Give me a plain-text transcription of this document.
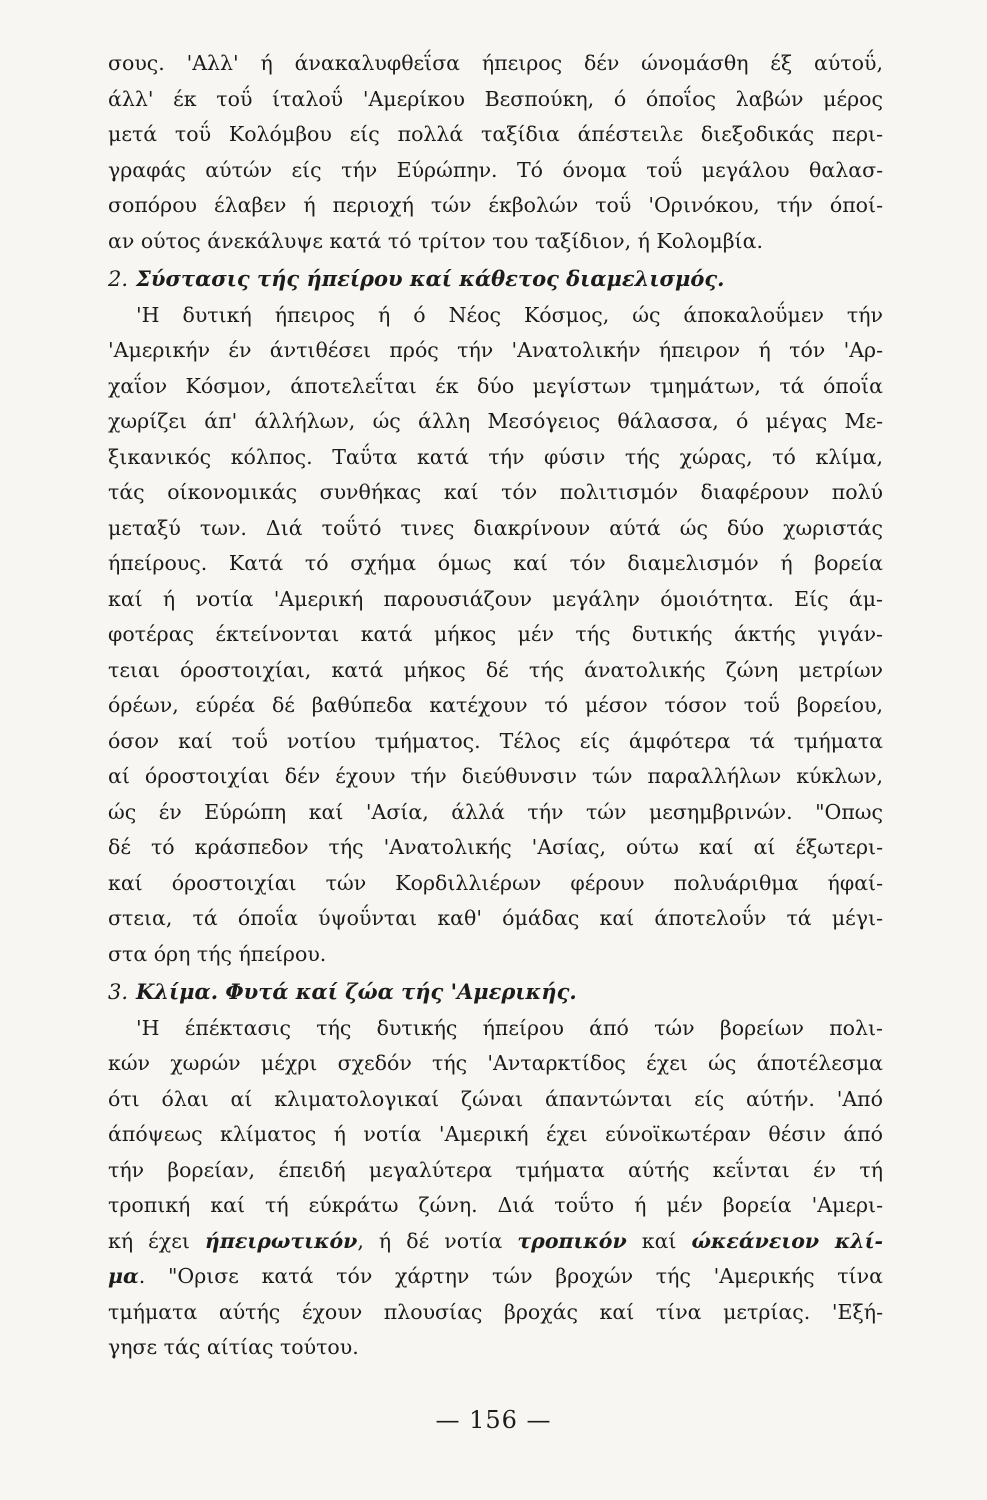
σους. 'Αλλ' ή άνακαλυφθεΐσα ήπειρος δέν ώνομάσθη έξ αύτοΰ,
άλλ' έκ τοΰ ίταλοΰ 'Αμερίκου Βεσπούκη, ό όποΐος λαβών μέρος
μετά τοΰ Κολόμβου είς πολλά ταξίδια άπέστειλε διεξοδικάς περι-
γραφάς αύτών είς τήν Εύρώπην. Τό όνομα τοΰ μεγάλου θαλασ-
σοπόρου έλαβεν ή περιοχή τών έκβολών τοΰ 'Ορινόκου, τήν όποί-
αν ούτος άνεκάλυψε κατά τό τρίτον του ταξίδιον, ή Κολομβία.
2. Σύστασις τής ήπείρου καί κάθετος διαμελισμός.
'Η δυτική ήπειρος ή ό Νέος Κόσμος, ώς άποκαλοΰμεν τήν
'Αμερικήν έν άντιθέσει πρός τήν 'Ανατολικήν ήπειρον ή τόν 'Αρ-
χαΐον Κόσμον, άποτελεΐται έκ δύο μεγίστων τμημάτων, τά όποΐα
χωρίζει άπ' άλλήλων, ώς άλλη Μεσόγειος θάλασσα, ό μέγας Με-
ξικανικός κόλπος. Ταΰτα κατά τήν φύσιν τής χώρας, τό κλίμα,
τάς οίκονομικάς συνθήκας καί τόν πολιτισμόν διαφέρουν πολύ
μεταξύ των. Διά τοΰτό τινες διακρίνουν αύτά ώς δύο χωριστάς
ήπείρους. Κατά τό σχήμα όμως καί τόν διαμελισμόν ή βορεία
καί ή νοτία 'Αμερική παρουσιάζουν μεγάλην όμοιότητα. Είς άμ-
φοτέρας έκτείνονται κατά μήκος μέν τής δυτικής άκτής γιγάν-
τειαι όροστοιχίαι, κατά μήκος δέ τής άνατολικής ζώνη μετρίων
όρέων, εύρέα δέ βαθύπεδα κατέχουν τό μέσον τόσον τοΰ βορείου,
όσον καί τοΰ νοτίου τμήματος. Τέλος είς άμφότερα τά τμήματα
αί όροστοιχίαι δέν έχουν τήν διεύθυνσιν τών παραλλήλων κύκλων,
ώς έν Εύρώπη καί 'Ασία, άλλά τήν τών μεσημβρινών. "Οπως
δέ τό κράσπεδον τής 'Ανατολικής 'Ασίας, ούτω καί αί έξωτερι-
καί όροστοιχίαι τών Κορδιλλιέρων φέρουν πολυάριθμα ήφαί-
στεια, τά όποΐα ύψοΰνται καθ' όμάδας καί άποτελοΰν τά μέγι-
στα όρη τής ήπείρου.
3. Κλίμα. Φυτά καί ζώα τής 'Αμερικής.
'Η έπέκτασις τής δυτικής ήπείρου άπό τών βορείων πολι-
κών χωρών μέχρι σχεδόν τής 'Ανταρκτίδος έχει ώς άποτέλεσμα
ότι όλαι αί κλιματολογικαί ζώναι άπαντώνται είς αύτήν. 'Από
άπόψεως κλίματος ή νοτία 'Αμερική έχει εύνοϊκωτέραν θέσιν άπό
τήν βορείαν, έπειδή μεγαλύτερα τμήματα αύτής κεΐνται έν τή
τροπική καί τή εύκράτω ζώνη. Διά τοΰτο ή μέν βορεία 'Αμερι-
κή έχει ήπειρωτικόν, ή δέ νοτία τροπικόν καί ώκεάνειον κλί-
μα. "Ορισε κατά τόν χάρτην τών βροχών τής 'Αμερικής τίνα
τμήματα αύτής έχουν πλουσίας βροχάς καί τίνα μετρίας. 'Εξή-
γησε τάς αίτίας τούτου.
— 156 —
